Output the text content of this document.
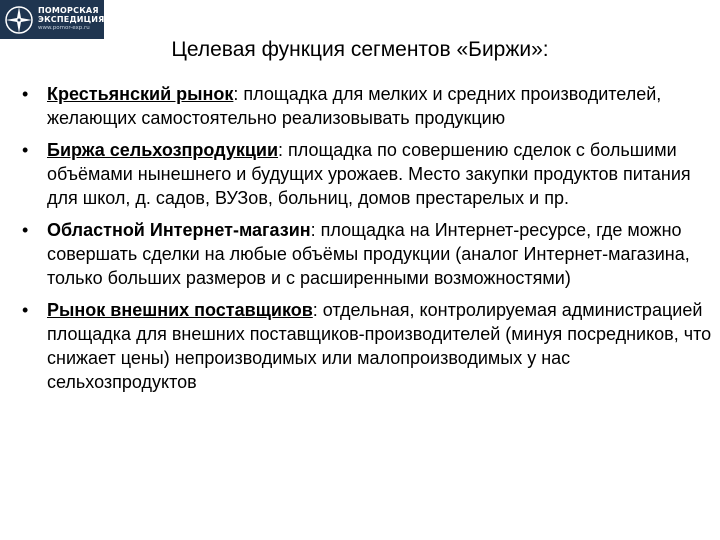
ПОМОРСКАЯ
ЭКСПЕДИЦИЯ
www.pomor-exp.ru
Целевая функция сегментов «Биржи»:
• Крестьянский рынок: площадка для мелких и средних производителей, желающих самостоятельно реализовывать продукцию
• Биржа сельхозпродукции: площадка по совершению сделок с большими объёмами нынешнего и будущих урожаев. Место закупки продуктов питания для школ, д. садов, ВУЗов, больниц, домов престарелых и пр.
• Областной Интернет-магазин: площадка на Интернет-ресурсе, где можно совершать сделки на любые объёмы продукции (аналог Интернет-магазина, только больших размеров и с расширенными возможностями)
• Рынок внешних поставщиков: отдельная, контролируемая администрацией площадка для внешних поставщиков-производителей (минуя посредников, что снижает цены) непроизводимых или малопроизводимых у нас сельхозпродуктов
